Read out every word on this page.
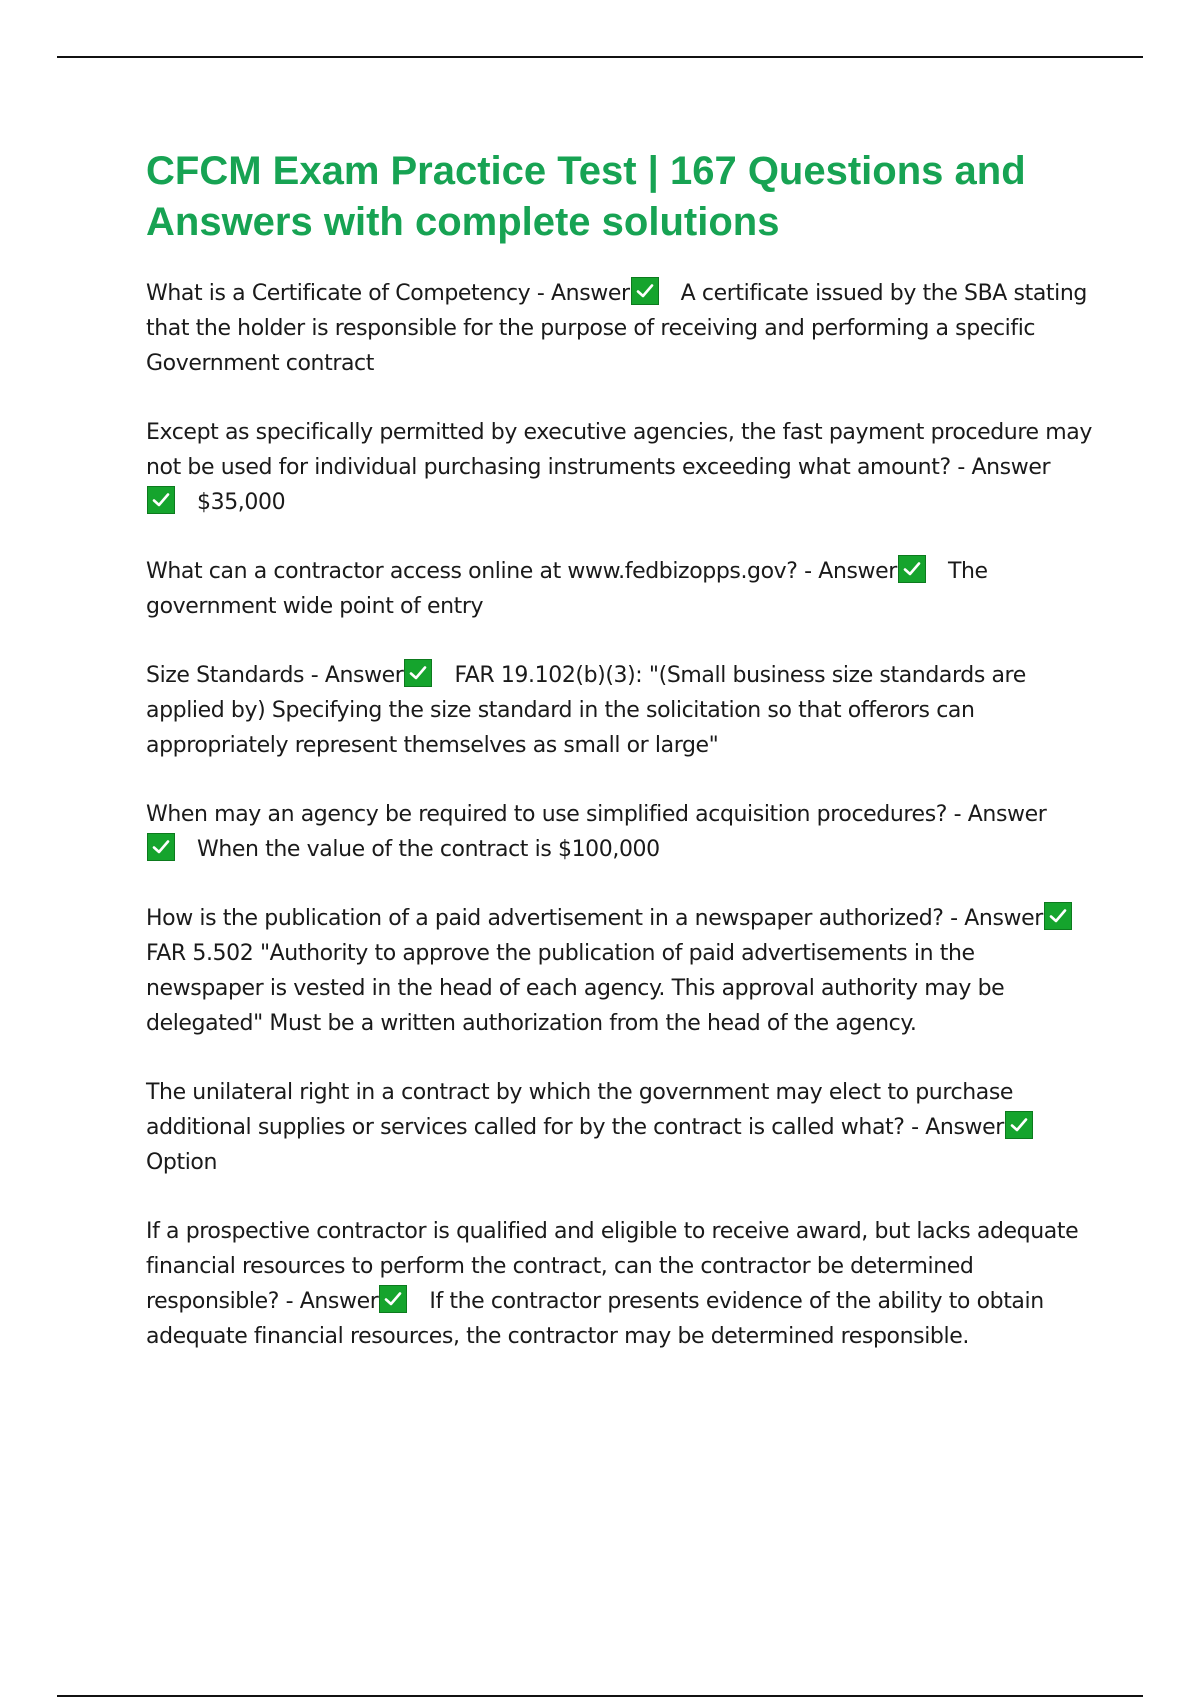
CFCM Exam Practice Test | 167 Questions and Answers with complete solutions

What is a Certificate of Competency - Answer A certificate issued by the SBA stating that the holder is responsible for the purpose of receiving and performing a specific Government contract

Except as specifically permitted by executive agencies, the fast payment procedure may not be used for individual purchasing instruments exceeding what amount? - Answer
$35,000

What can a contractor access online at www.fedbizopps.gov? - Answer The government wide point of entry

Size Standards - Answer FAR 19.102(b)(3): "(Small business size standards are applied by) Specifying the size standard in the solicitation so that offerors can appropriately represent themselves as small or large"

When may an agency be required to use simplified acquisition procedures? - Answer
When the value of the contract is $100,000

How is the publication of a paid advertisement in a newspaper authorized? - Answer
FAR 5.502 "Authority to approve the publication of paid advertisements in the newspaper is vested in the head of each agency. This approval authority may be delegated" Must be a written authorization from the head of the agency.

The unilateral right in a contract by which the government may elect to purchase additional supplies or services called for by the contract is called what? - Answer
Option

If a prospective contractor is qualified and eligible to receive award, but lacks adequate financial resources to perform the contract, can the contractor be determined responsible? - Answer If the contractor presents evidence of the ability to obtain adequate financial resources, the contractor may be determined responsible.
